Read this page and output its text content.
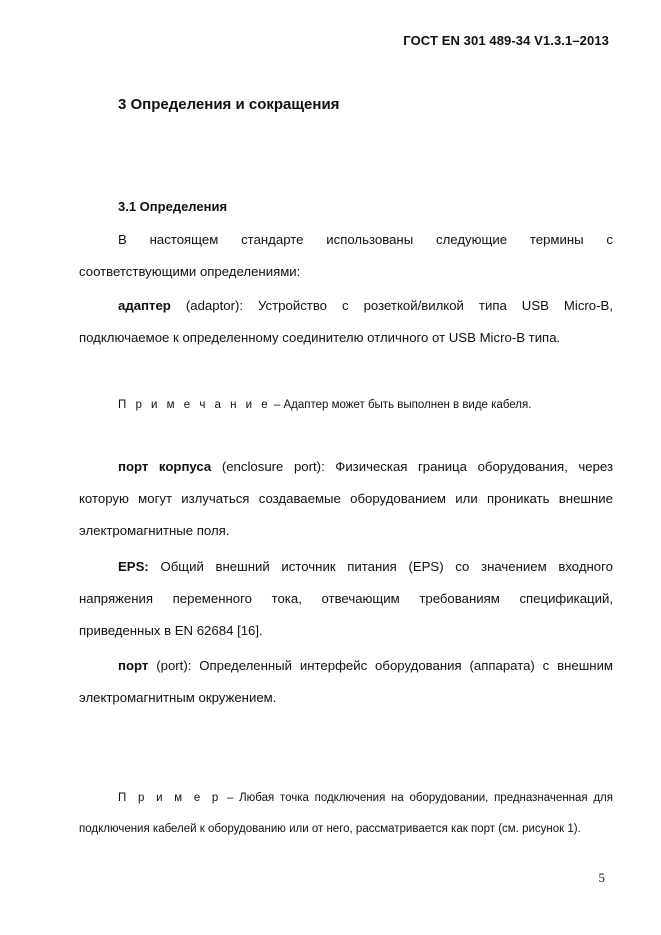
ГОСТ EN 301 489-34 V1.3.1–2013
3 Определения и сокращения
3.1 Определения
В настоящем стандарте использованы следующие термины с соответствующими определениями:
адаптер (adaptor): Устройство с розеткой/вилкой типа USB Micro-B, подключаемое к определенному соединителю отличного от USB Micro-B типа.
П р и м е ч а н и е – Адаптер может быть выполнен в виде кабеля.
порт корпуса (enclosure port): Физическая граница оборудования, через которую могут излучаться создаваемые оборудованием или проникать внешние электромагнитные поля.
EPS: Общий внешний источник питания (EPS) со значением входного напряжения переменного тока, отвечающим требованиям спецификаций, приведенных в EN 62684 [16].
порт (port): Определенный интерфейс оборудования (аппарата) с внешним электромагнитным окружением.
П р и м е р – Любая точка подключения на оборудовании, предназначенная для подключения кабелей к оборудованию или от него, рассматривается как порт (см. рисунок 1).
5
